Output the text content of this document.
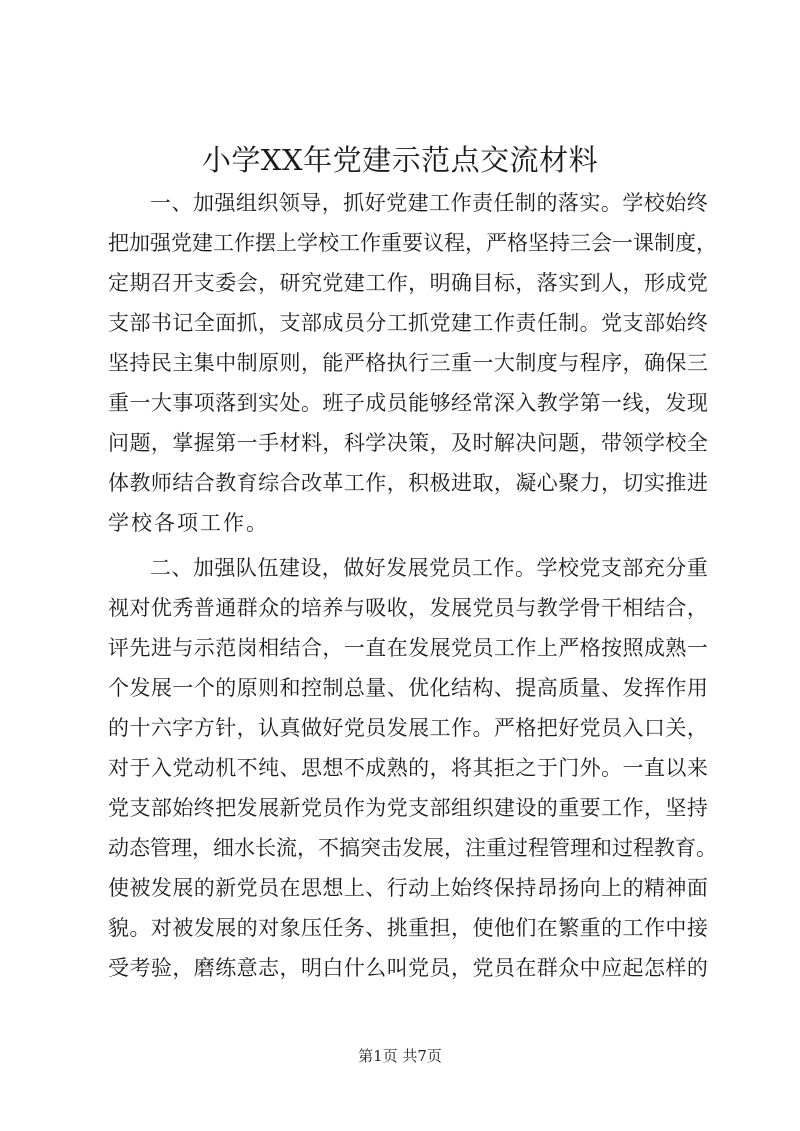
小学XX年党建示范点交流材料
一 、 加 强 组 织 领 导 ， 抓 好 党 建 工 作 责 任 制 的 落 实 。 学 校 始 终
把 加 强 党 建 工 作 摆 上 学 校 工 作 重 要 议 程 ， 严 格 坚 持 三 会 一 课 制 度 ，
定 期 召 开 支 委 会 ， 研 究 党 建 工 作 ， 明 确 目 标 ， 落 实 到 人 ， 形 成 党
支 部 书 记 全 面 抓 ， 支 部 成 员 分 工 抓 党 建 工 作 责 任 制 。 党 支 部 始 终
坚 持 民 主 集 中 制 原 则 ， 能 严 格 执 行 三 重 一 大 制 度 与 程 序 ， 确 保 三
重 一 大 事 项 落 到 实 处 。 班 子 成 员 能 够 经 常 深 入 教 学 第 一 线 ， 发 现
问 题 ， 掌 握 第 一 手 材 料 ， 科 学 决 策 ， 及 时 解 决 问 题 ， 带 领 学 校 全
体 教 师 结 合 教 育 综 合 改 革 工 作 ， 积 极 进 取 ， 凝 心 聚 力 ， 切 实 推 进
学校各项工作。
二 、 加 强 队 伍 建 设 ， 做 好 发 展 党 员 工 作 。 学 校 党 支 部 充 分 重
视 对 优 秀 普 通 群 众 的 培 养 与 吸 收 ， 发 展 党 员 与 教 学 骨 干 相 结 合 ，
评 先 进 与 示 范 岗 相 结 合 ， 一 直 在 发 展 党 员 工 作 上 严 格 按 照 成 熟 一
个 发 展 一 个 的 原 则 和 控 制 总 量 、 优 化 结 构 、 提 高 质 量 、 发 挥 作 用
的 十 六 字 方 针 ， 认 真 做 好 党 员 发 展 工 作 。 严 格 把 好 党 员 入 口 关 ，
对 于 入 党 动 机 不 纯 、 思 想 不 成 熟 的 ， 将 其 拒 之 于 门 外 。 一 直 以 来
党 支 部 始 终 把 发 展 新 党 员 作 为 党 支 部 组 织 建 设 的 重 要 工 作 ， 坚 持
动 态 管 理 ， 细 水 长 流 ， 不 搞 突 击 发 展 ， 注 重 过 程 管 理 和 过 程 教 育 。
使 被 发 展 的 新 党 员 在 思 想 上 、 行 动 上 始 终 保 持 昂 扬 向 上 的 精 神 面
貌 。 对 被 发 展 的 对 象 压 任 务 、 挑 重 担 ， 使 他 们 在 繁 重 的 工 作 中 接
受 考 验 ， 磨 练 意 志 ， 明 白 什 么 叫 党 员 ， 党 员 在 群 众 中 应 起 怎 样 的
第1页 共7页
